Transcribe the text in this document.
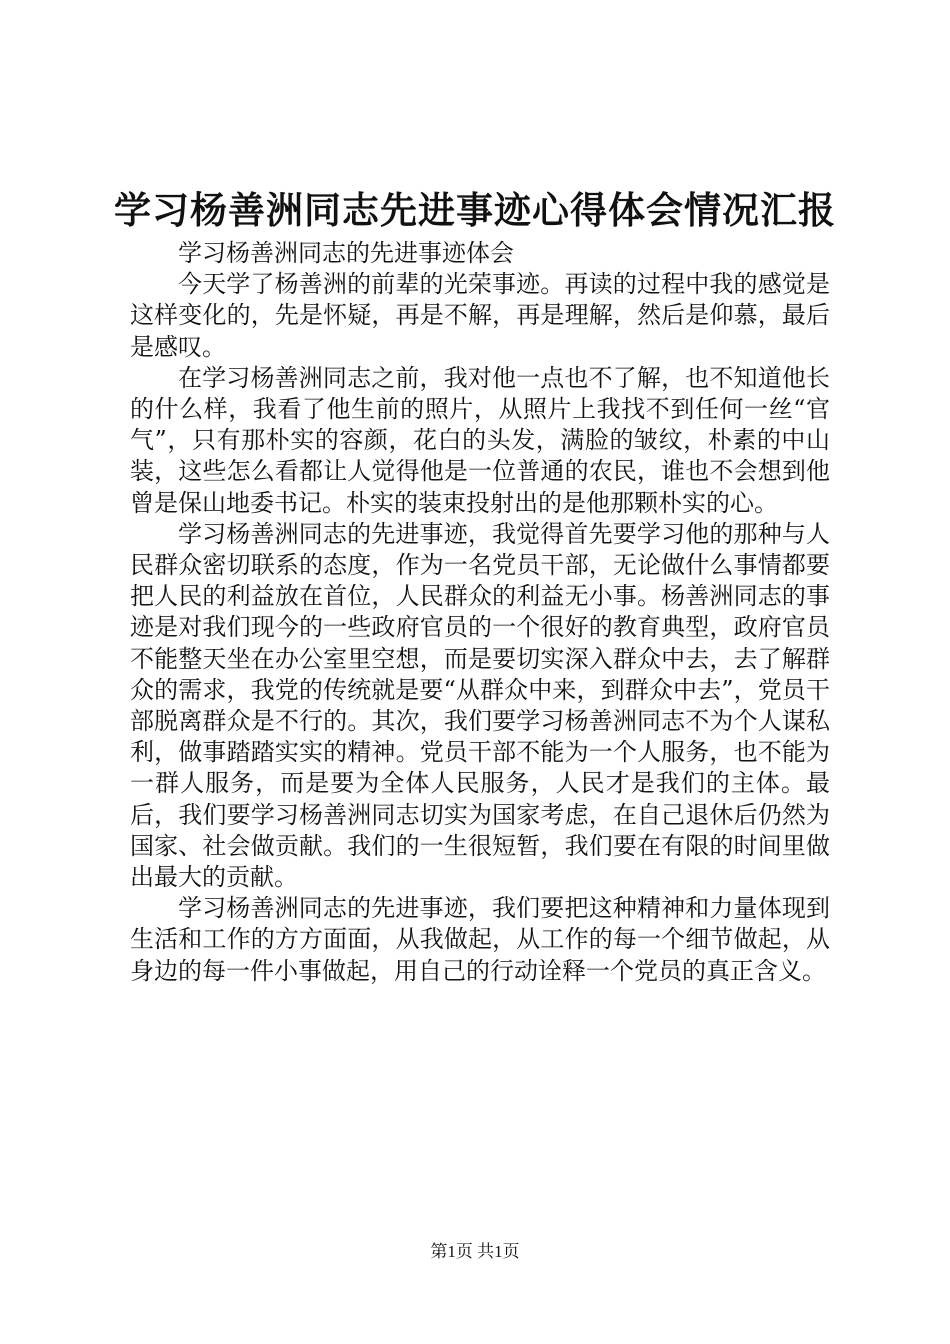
学习杨善洲同志先进事迹心得体会情况汇报

学习杨善洲同志的先进事迹体会

今天学了杨善洲的前辈的光荣事迹。再读的过程中我的感觉是这样变化的，先是怀疑，再是不解，再是理解，然后是仰慕，最后是感叹。

在学习杨善洲同志之前，我对他一点也不了解，也不知道他长的什么样，我看了他生前的照片，从照片上我找不到任何一丝“官气”，只有那朴实的容颜，花白的头发，满脸的皱纹，朴素的中山装，这些怎么看都让人觉得他是一位普通的农民，谁也不会想到他曾是保山地委书记。朴实的装束投射出的是他那颗朴实的心。

学习杨善洲同志的先进事迹，我觉得首先要学习他的那种与人民群众密切联系的态度，作为一名党员干部，无论做什么事情都要把人民的利益放在首位，人民群众的利益无小事。杨善洲同志的事迹是对我们现今的一些政府官员的一个很好的教育典型，政府官员不能整天坐在办公室里空想，而是要切实深入群众中去，去了解群众的需求，我党的传统就是要“从群众中来，到群众中去”，党员干部脱离群众是不行的。其次，我们要学习杨善洲同志不为个人谋私利，做事踏踏实实的精神。党员干部不能为一个人服务，也不能为一群人服务，而是要为全体人民服务，人民才是我们的主体。最后，我们要学习杨善洲同志切实为国家考虑，在自己退休后仍然为国家、社会做贡献。我们的一生很短暂，我们要在有限的时间里做出最大的贡献。

学习杨善洲同志的先进事迹，我们要把这种精神和力量体现到生活和工作的方方面面，从我做起，从工作的每一个细节做起，从身边的每一件小事做起，用自己的行动诠释一个党员的真正含义。

第1页 共1页
